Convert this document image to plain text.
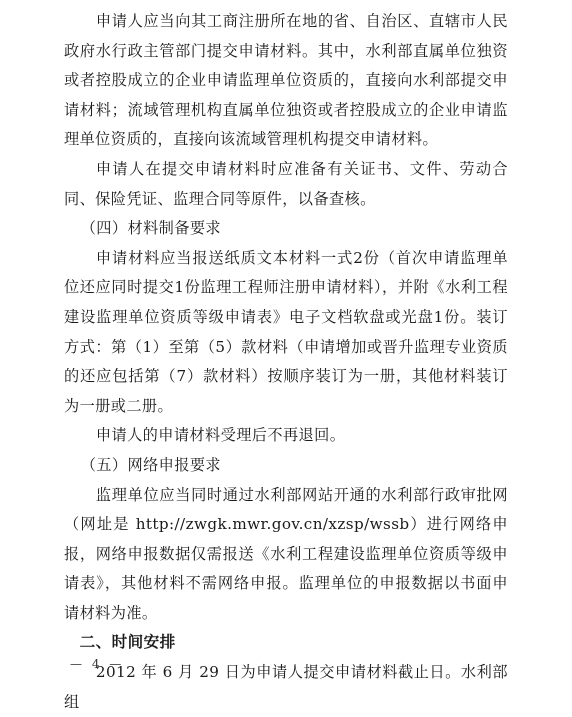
申请人应当向其工商注册所在地的省、自治区、直辖市人民政府水行政主管部门提交申请材料。其中，水利部直属单位独资或者控股成立的企业申请监理单位资质的，直接向水利部提交申请材料；流域管理机构直属单位独资或者控股成立的企业申请监理单位资质的，直接向该流域管理机构提交申请材料。

申请人在提交申请材料时应准备有关证书、文件、劳动合同、保险凭证、监理合同等原件，以备查核。

（四）材料制备要求

申请材料应当报送纸质文本材料一式2份（首次申请监理单位还应同时提交1份监理工程师注册申请材料），并附《水利工程建设监理单位资质等级申请表》电子文档软盘或光盘1份。装订方式：第（1）至第（5）款材料（申请增加或晋升监理专业资质的还应包括第（7）款材料）按顺序装订为一册，其他材料装订为一册或二册。

申请人的申请材料受理后不再退回。

（五）网络申报要求

监理单位应当同时通过水利部网站开通的水利部行政审批网（网址是 http://zwgk.mwr.gov.cn/xzsp/wssb）进行网络申报，网络申报数据仅需报送《水利工程建设监理单位资质等级申请表》，其他材料不需网络申报。监理单位的申报数据以书面申请材料为准。

二、时间安排

2012 年 6 月 29 日为申请人提交申请材料截止日。水利部组

— 4 —
